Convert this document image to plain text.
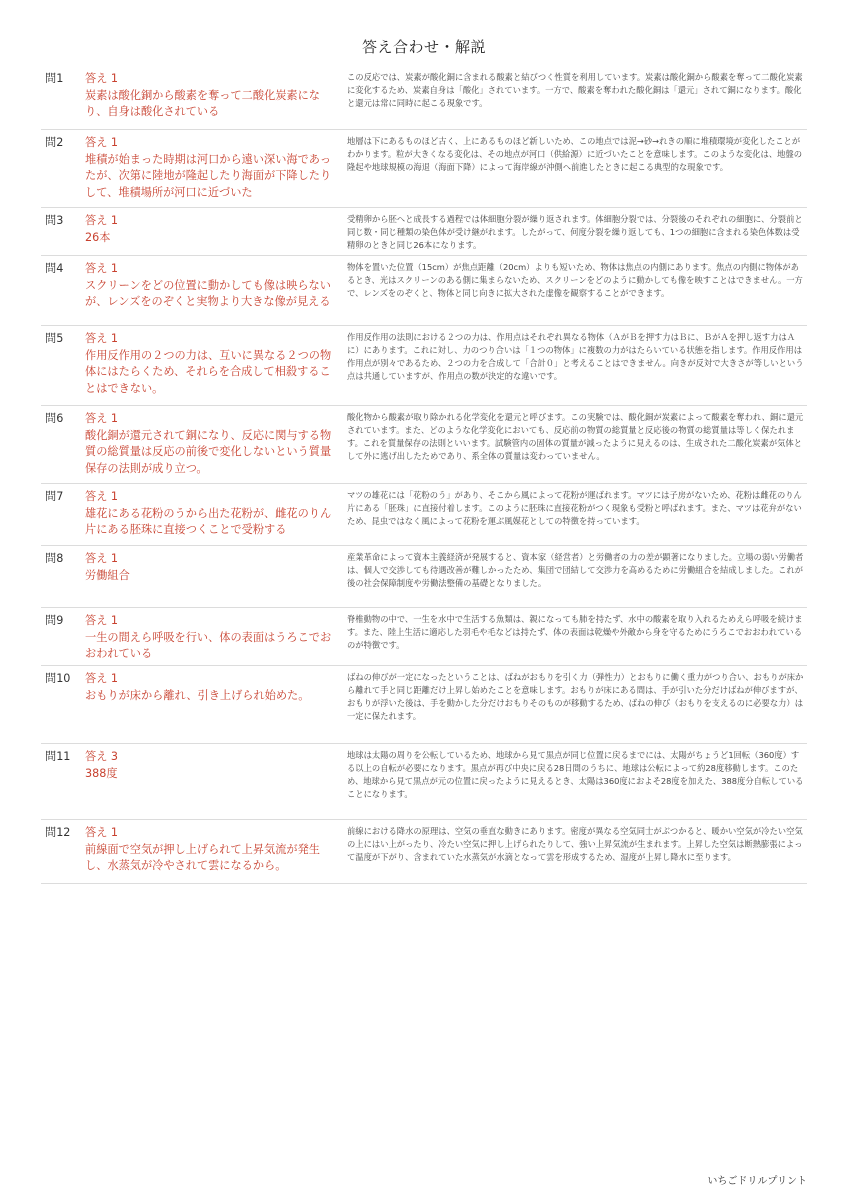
答え合わせ・解説
問1	答え 1
炭素は酸化銅から酸素を奪って二酸化炭素になり、自身は酸化されている
この反応では、炭素が酸化銅に含まれる酸素と結びつく性質を利用しています。炭素は酸化銅から酸素を奪って二酸化炭素に変化するため、炭素自身は「酸化」されています。一方で、酸素を奪われた酸化銅は「還元」されて銅になります。酸化と還元は常に同時に起こる現象です。
問2	答え 1
堆積が始まった時期は河口から遠い深い海であったが、次第に陸地が隆起したり海面が下降したりして、堆積場所が河口に近づいた
地層は下にあるものほど古く、上にあるものほど新しいため、この地点では泥→砂→れきの順に堆積環境が変化したことがわかります。粒が大きくなる変化は、その地点が河口（供給源）に近づいたことを意味します。このような変化は、地盤の隆起や地球規模の海退（海面下降）によって海岸線が沖側へ前進したときに起こる典型的な現象です。
問3	答え 1
26本
受精卵から胚へと成長する過程では体細胞分裂が繰り返されます。体細胞分裂では、分裂後のそれぞれの細胞に、分裂前と同じ数・同じ種類の染色体が受け継がれます。したがって、何度分裂を繰り返しても、1つの細胞に含まれる染色体数は受精卵のときと同じ26本になります。
問4	答え 1
スクリーンをどの位置に動かしても像は映らないが、レンズをのぞくと実物より大きな像が見える
物体を置いた位置（15cm）が焦点距離（20cm）よりも短いため、物体は焦点の内側にあります。焦点の内側に物体があるとき、光はスクリーンのある側に集まらないため、スクリーンをどのように動かしても像を映すことはできません。一方で、レンズをのぞくと、物体と同じ向きに拡大された虚像を観察することができます。
問5	答え 1
作用反作用の２つの力は、互いに異なる２つの物体にはたらくため、それらを合成して相殺することはできない。
作用反作用の法則における２つの力は、作用点はそれぞれ異なる物体（ＡがＢを押す力はＢに、ＢがＡを押し返す力はＡに）にあります。これに対し、力のつり合いは「１つの物体」に複数の力がはたらいている状態を指します。作用反作用は作用点が別々であるため、２つの力を合成して「合計０」と考えることはできません。向きが反対で大きさが等しいという点は共通していますが、作用点の数が決定的な違いです。
問6	答え 1
酸化銅が還元されて銅になり、反応に関与する物質の総質量は反応の前後で変化しないという質量保存の法則が成り立つ。
酸化物から酸素が取り除かれる化学変化を還元と呼びます。この実験では、酸化銅が炭素によって酸素を奪われ、銅に還元されています。また、どのような化学変化においても、反応前の物質の総質量と反応後の物質の総質量は等しく保たれます。これを質量保存の法則といいます。試験管内の固体の質量が減ったように見えるのは、生成された二酸化炭素が気体として外に逃げ出したためであり、系全体の質量は変わっていません。
問7	答え 1
雄花にある花粉のうから出た花粉が、雌花のりん片にある胚珠に直接つくことで受粉する
マツの雄花には「花粉のう」があり、そこから風によって花粉が運ばれます。マツには子房がないため、花粉は雌花のりん片にある「胚珠」に直接付着します。このように胚珠に直接花粉がつく現象も受粉と呼ばれます。また、マツは花弁がないため、昆虫ではなく風によって花粉を運ぶ風媒花としての特徴を持っています。
問8	答え 1
労働組合
産業革命によって資本主義経済が発展すると、資本家（経営者）と労働者の力の差が顕著になりました。立場の弱い労働者は、個人で交渉しても待遇改善が難しかったため、集団で団結して交渉力を高めるために労働組合を結成しました。これが後の社会保障制度や労働法整備の基礎となりました。
問9	答え 1
一生の間えら呼吸を行い、体の表面はうろこでおおわれている
脊椎動物の中で、一生を水中で生活する魚類は、親になっても肺を持たず、水中の酸素を取り入れるためえら呼吸を続けます。また、陸上生活に適応した羽毛や毛などは持たず、体の表面は乾燥や外敵から身を守るためにうろこでおおわれているのが特徴です。
問10	答え 1
おもりが床から離れ、引き上げられ始めた。
ばねの伸びが一定になったということは、ばねがおもりを引く力（弾性力）とおもりに働く重力がつり合い、おもりが床から離れて手と同じ距離だけ上昇し始めたことを意味します。おもりが床にある間は、手が引いた分だけばねが伸びますが、おもりが浮いた後は、手を動かした分だけおもりそのものが移動するため、ばねの伸び（おもりを支えるのに必要な力）は一定に保たれます。
問11	答え 3
388度
地球は太陽の周りを公転しているため、地球から見て黒点が同じ位置に戻るまでには、太陽がちょうど1回転（360度）する以上の自転が必要になります。黒点が再び中央に戻る28日間のうちに、地球は公転によって約28度移動します。このため、地球から見て黒点が元の位置に戻ったように見えるとき、太陽は360度におよそ28度を加えた、388度分自転していることになります。
問12	答え 1
前線面で空気が押し上げられて上昇気流が発生し、水蒸気が冷やされて雲になるから。
前線における降水の原理は、空気の垂直な動きにあります。密度が異なる空気同士がぶつかると、暖かい空気が冷たい空気の上にはい上がったり、冷たい空気に押し上げられたりして、強い上昇気流が生まれます。上昇した空気は断熱膨張によって温度が下がり、含まれていた水蒸気が水滴となって雲を形成するため、湿度が上昇し降水に至ります。
いちごドリルプリント
